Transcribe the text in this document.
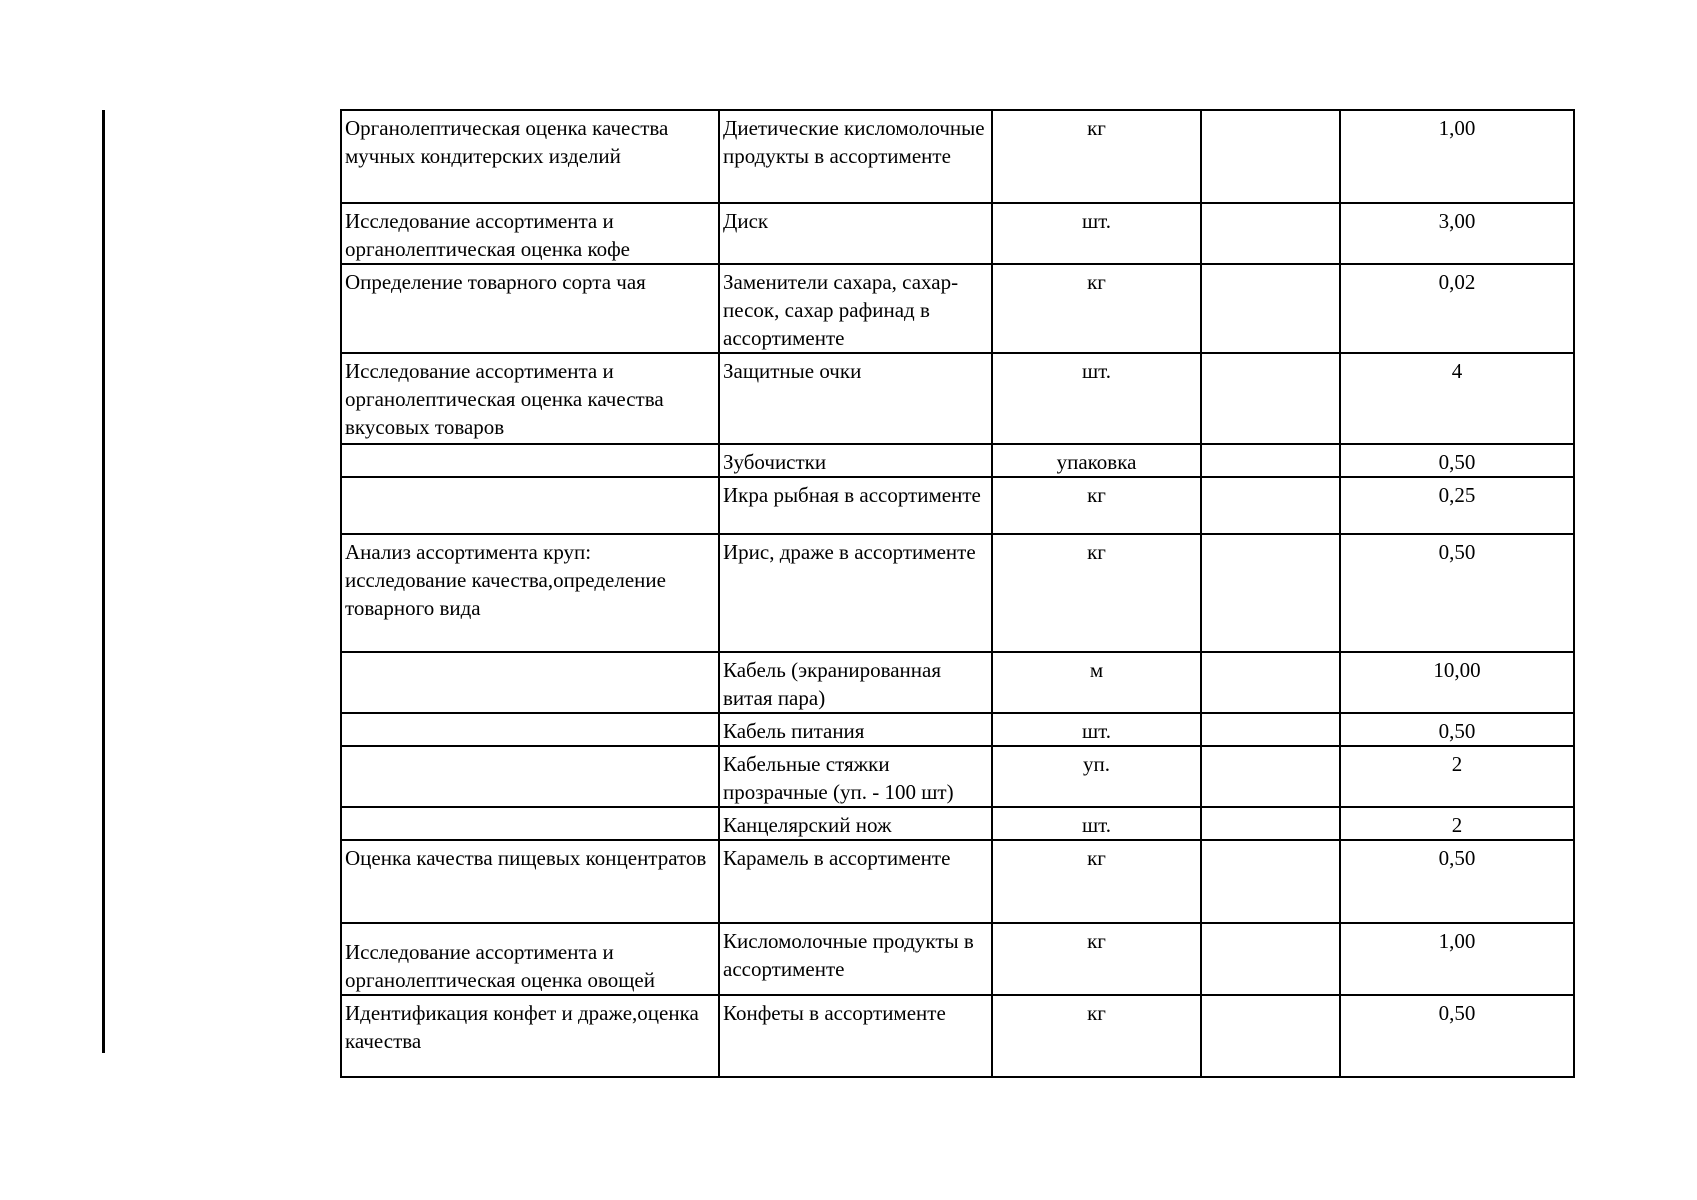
Органолептическая оценка качества мучных кондитерских изделий	Диетические кисломолочные продукты в ассортименте	кг		1,00
Исследование ассортимента и органолептическая оценка кофе	Диск	шт.		3,00
Определение товарного сорта чая	Заменители сахара, сахар-песок, сахар рафинад в ассортименте	кг		0,02
Исследование ассортимента и органолептическая оценка качества вкусовых товаров	Защитные очки	шт.		4
	Зубочистки	упаковка		0,50
	Икра рыбная в ассортименте	кг		0,25
Анализ ассортимента круп: исследование качества,определение товарного вида	Ирис, драже в ассортименте	кг		0,50
	Кабель (экранированная витая пара)	м		10,00
	Кабель питания	шт.		0,50
	Кабельные стяжки прозрачные (уп. - 100 шт)	уп.		2
	Канцелярский нож	шт.		2
Оценка качества пищевых концентратов	Карамель в ассортименте	кг		0,50
Исследование ассортимента и органолептическая оценка овощей	Кисломолочные продукты в ассортименте	кг		1,00
Идентификация конфет и драже,оценка качества	Конфеты в ассортименте	кг		0,50
